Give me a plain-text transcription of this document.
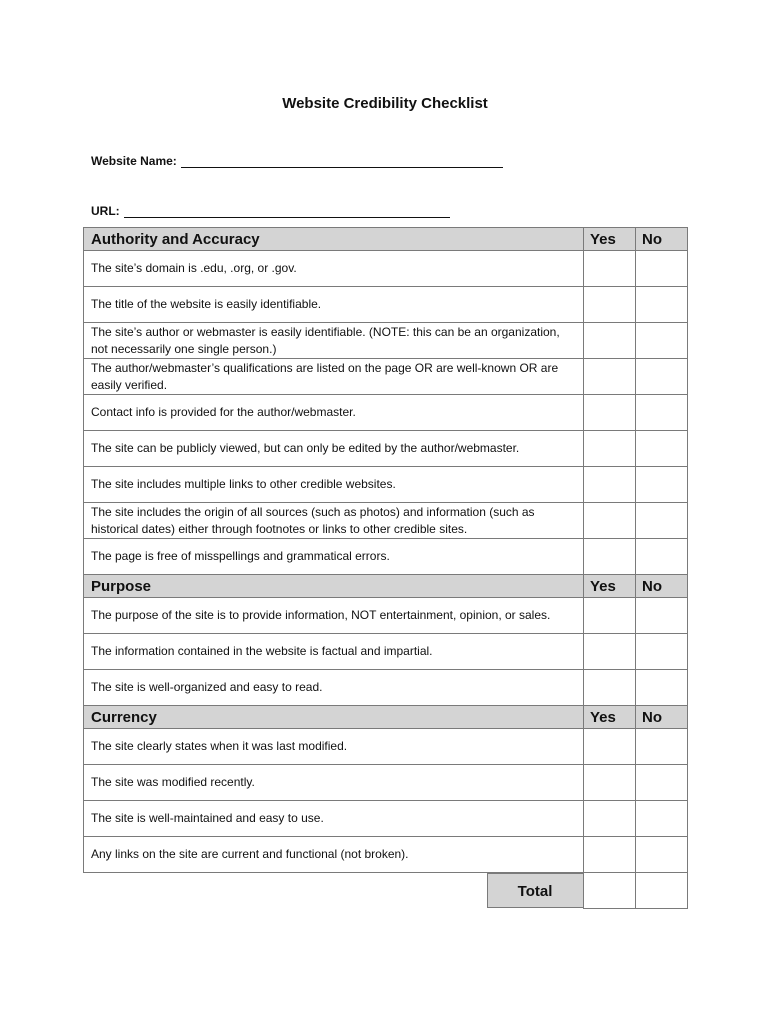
Website Credibility Checklist
Website Name:
URL:
Authority and Accuracy	Yes	No
The site’s domain is .edu, .org, or .gov.		
The title of the website is easily identifiable.		
The site’s author or webmaster is easily identifiable. (NOTE: this can be an organization, not necessarily one single person.)		
The author/webmaster’s qualifications are listed on the page OR are well-known OR are easily verified.		
Contact info is provided for the author/webmaster.		
The site can be publicly viewed, but can only be edited by the author/webmaster.		
The site includes multiple links to other credible websites.		
The site includes the origin of all sources (such as photos) and information (such as historical dates) either through footnotes or links to other credible sites.		
The page is free of misspellings and grammatical errors.		
Purpose	Yes	No
The purpose of the site is to provide information, NOT entertainment, opinion, or sales.		
The information contained in the website is factual and impartial.		
The site is well-organized and easy to read.		
Currency	Yes	No
The site clearly states when it was last modified.		
The site was modified recently.		
The site is well-maintained and easy to use.		
Any links on the site are current and functional (not broken).		

Total		
